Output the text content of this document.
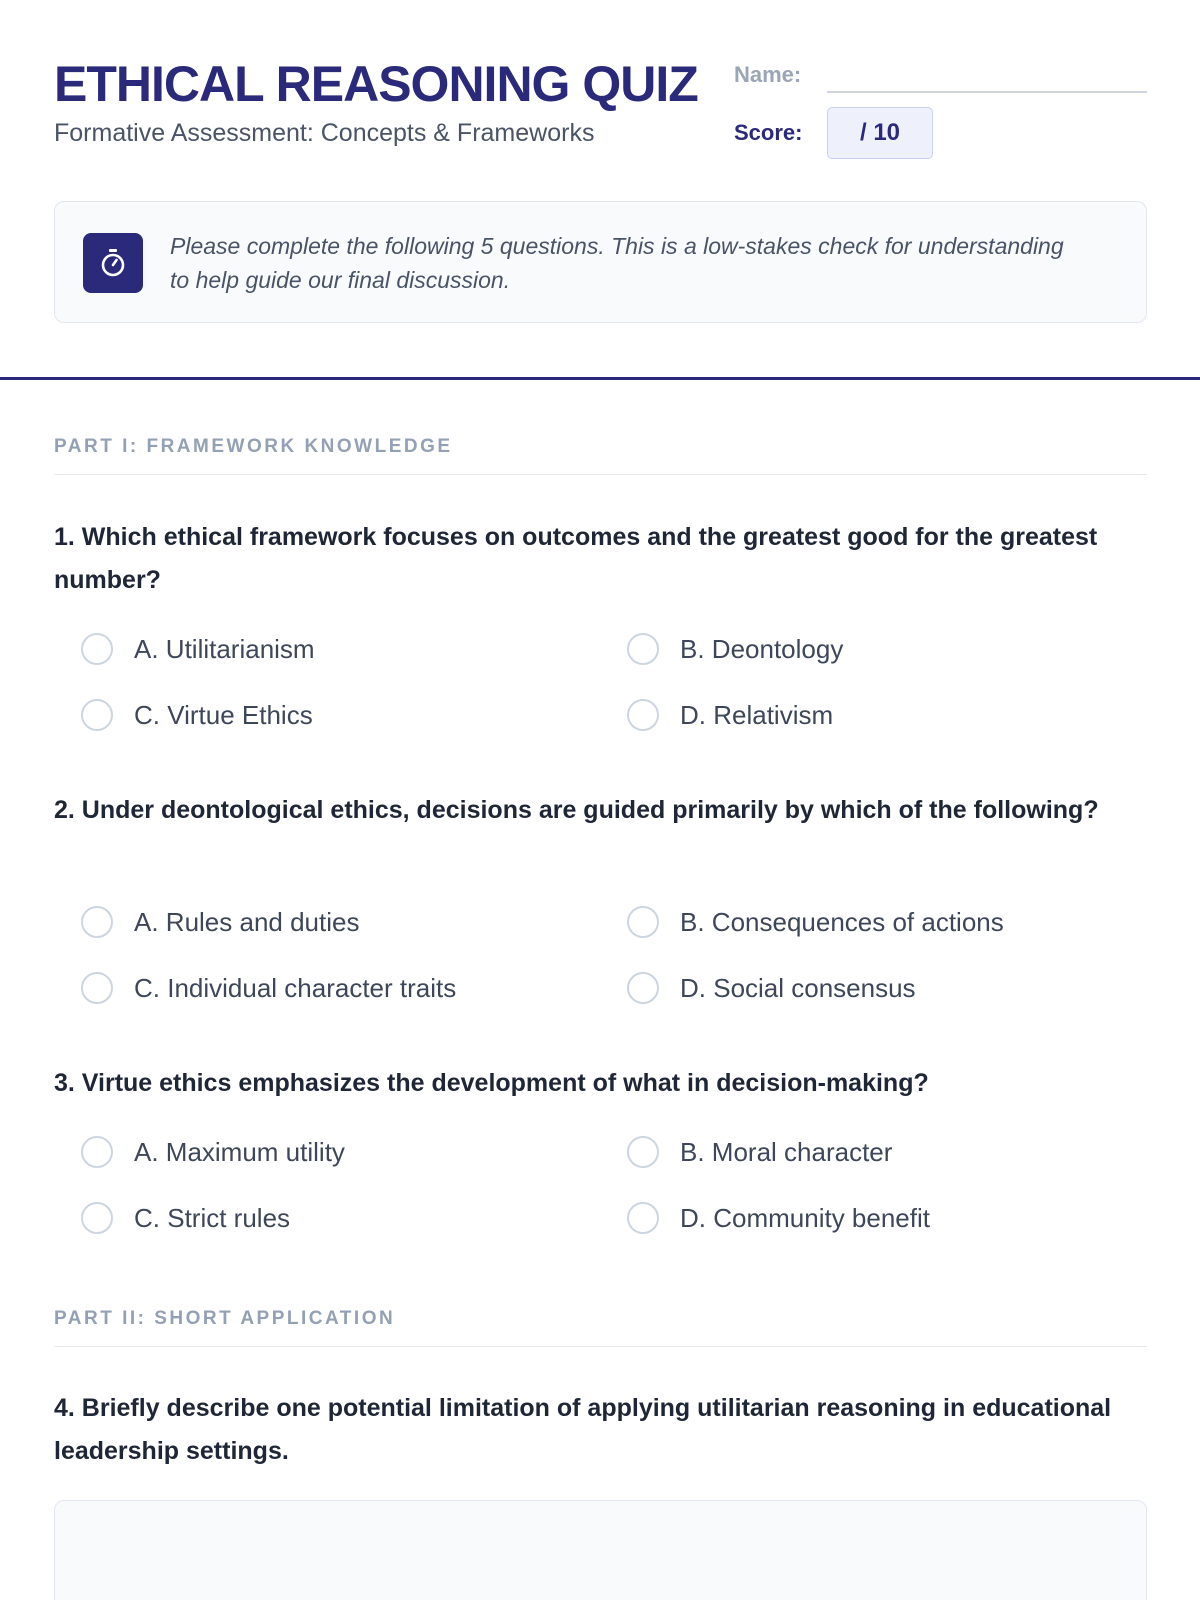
ETHICAL REASONING QUIZ
Formative Assessment: Concepts & Frameworks
Name:
Score:	/ 10
Please complete the following 5 questions. This is a low-stakes check for understanding to help guide our final discussion.
PART I: FRAMEWORK KNOWLEDGE
1. Which ethical framework focuses on outcomes and the greatest good for the greatest number?
A. Utilitarianism	B. Deontology
C. Virtue Ethics	D. Relativism
2. Under deontological ethics, decisions are guided primarily by which of the following?
A. Rules and duties	B. Consequences of actions
C. Individual character traits	D. Social consensus
3. Virtue ethics emphasizes the development of what in decision-making?
A. Maximum utility	B. Moral character
C. Strict rules	D. Community benefit
PART II: SHORT APPLICATION
4. Briefly describe one potential limitation of applying utilitarian reasoning in educational leadership settings.
